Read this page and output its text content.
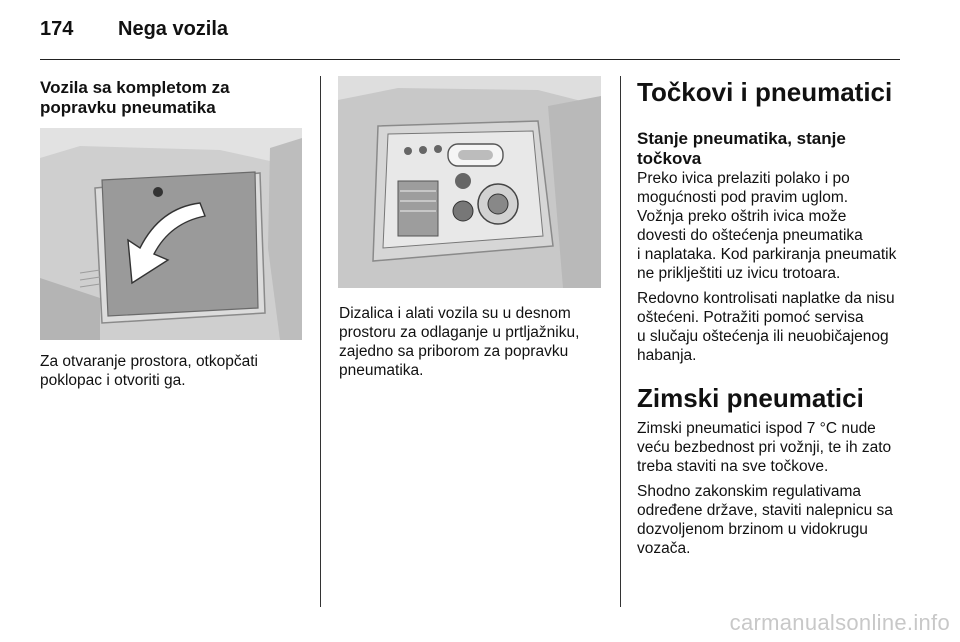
174 Nega vozila

Vozila sa kompletom za

popravku pneumatika

Za otvaranje prostora, otkopčati

poklopac i otvoriti ga.

Dizalica i alati vozila su u desnom

prostoru za odlaganje u prtljažniku,

zajedno sa priborom za popravku

pneumatika.

Točkovi i pneumatici

Stanje pneumatika, stanje

točkova

Preko ivica prelaziti polako i po

mogućnosti pod pravim uglom.

Vožnja preko oštrih ivica može

dovesti do oštećenja pneumatika

i naplataka. Kod parkiranja pneumatik

ne priklještiti uz ivicu trotoara.

Redovno kontrolisati naplatke da nisu

oštećeni. Potražiti pomoć servisa

u slučaju oštećenja ili neuobičajenog

habanja.

Zimski pneumatici

Zimski pneumatici ispod 7 °C nude

veću bezbednost pri vožnji, te ih zato

treba staviti na sve točkove.

Shodno zakonskim regulativama

određene države, staviti nalepnicu sa

dozvoljenom brzinom u vidokrugu

vozača.

carmanualsonline.info
